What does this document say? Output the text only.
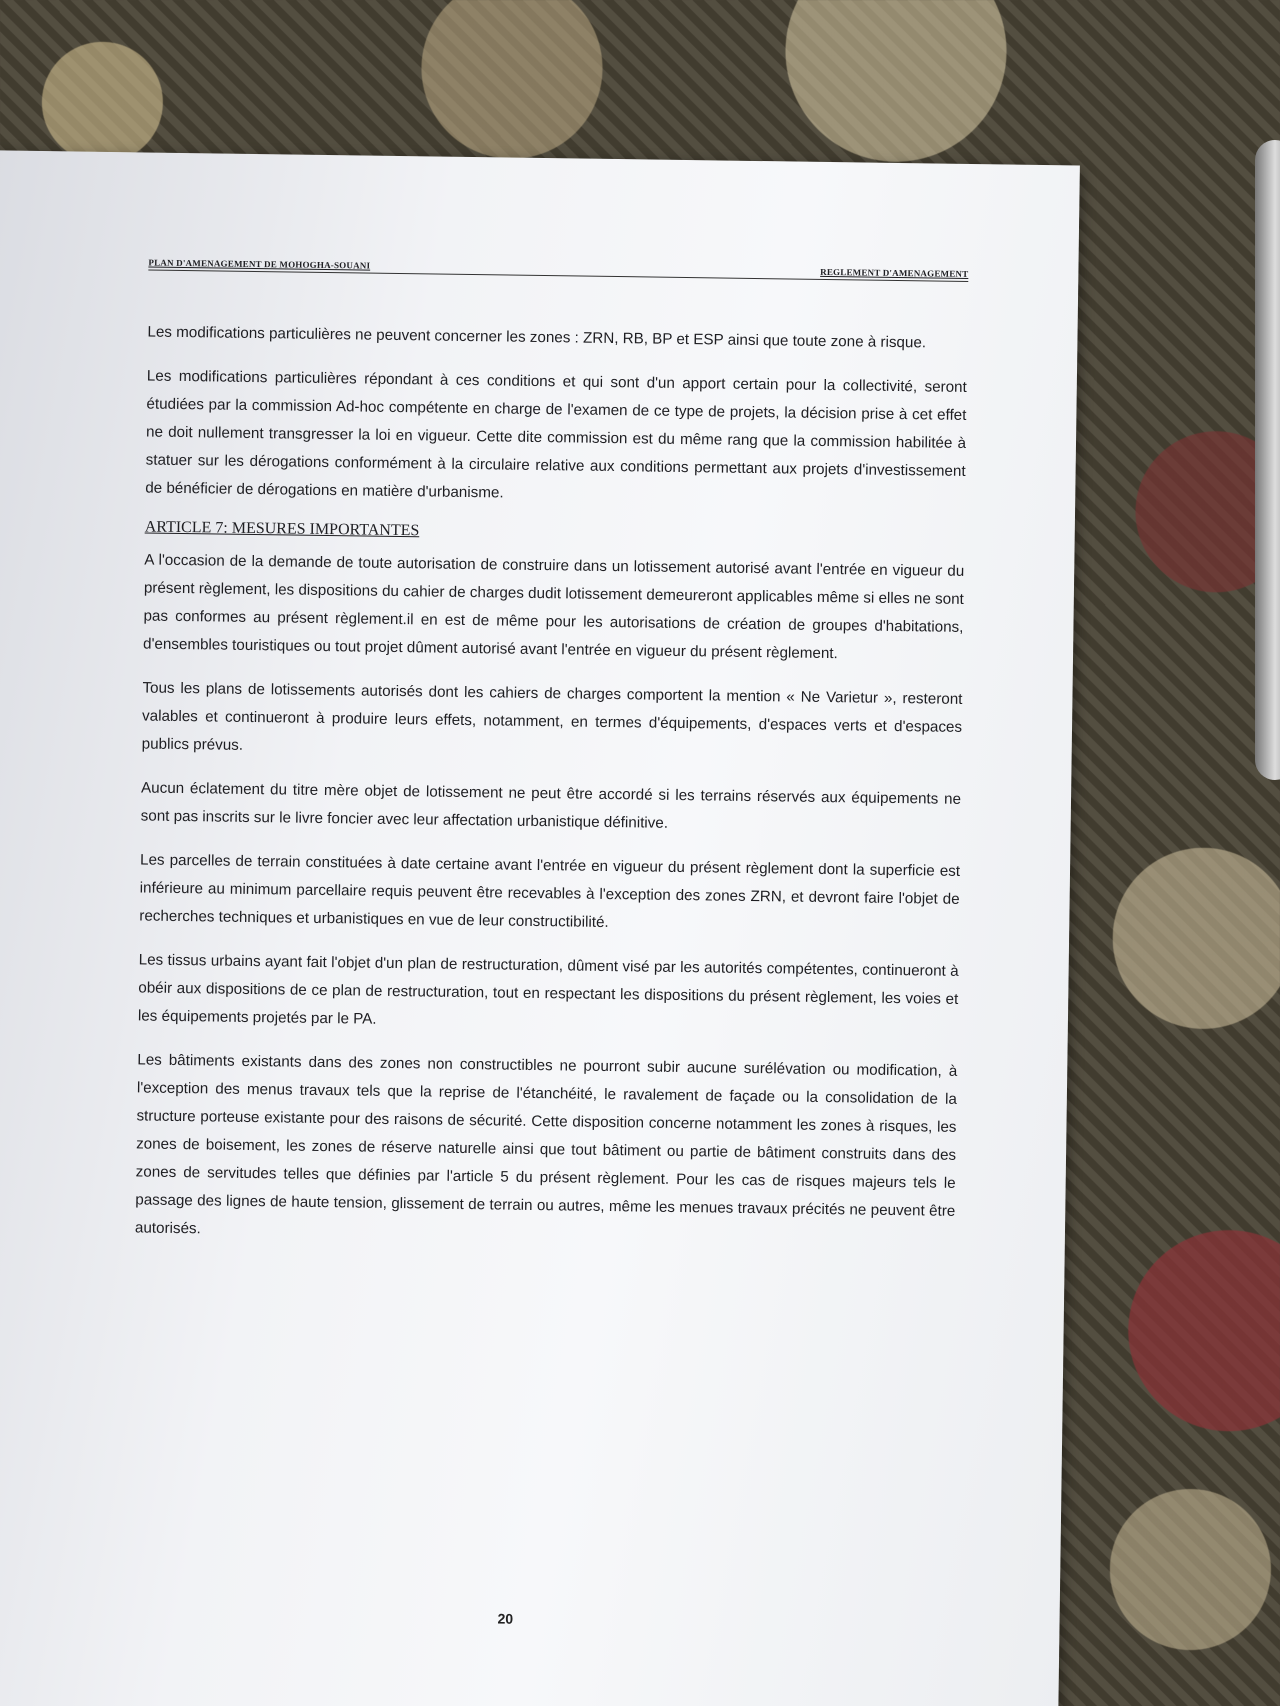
PLAN D'AMENAGEMENT DE MOHOGHA-SOUANI
REGLEMENT D'AMENAGEMENT

Les modifications particulières ne peuvent concerner les zones : ZRN, RB, BP et ESP ainsi que toute zone à risque.

Les modifications particulières répondant à ces conditions et qui sont d'un apport certain pour la collectivité, seront étudiées par la commission Ad-hoc compétente en charge de l'examen de ce type de projets, la décision prise à cet effet ne doit nullement transgresser la loi en vigueur. Cette dite commission est du même rang que la commission habilitée à statuer sur les dérogations conformément à la circulaire relative aux conditions permettant aux projets d'investissement de bénéficier de dérogations en matière d'urbanisme.

ARTICLE 7: MESURES IMPORTANTES

A l'occasion de la demande de toute autorisation de construire dans un lotissement autorisé avant l'entrée en vigueur du présent règlement, les dispositions du cahier de charges dudit lotissement demeureront applicables même si elles ne sont pas conformes au présent règlement.il en est de même pour les autorisations de création de groupes d'habitations, d'ensembles touristiques ou tout projet dûment autorisé avant l'entrée en vigueur du présent règlement.

Tous les plans de lotissements autorisés dont les cahiers de charges comportent la mention « Ne Varietur », resteront valables et continueront à produire leurs effets, notamment, en termes d'équipements, d'espaces verts et d'espaces publics prévus.

Aucun éclatement du titre mère objet de lotissement ne peut être accordé si les terrains réservés aux équipements ne sont pas inscrits sur le livre foncier avec leur affectation urbanistique définitive.

Les parcelles de terrain constituées à date certaine avant l'entrée en vigueur du présent règlement dont la superficie est inférieure au minimum parcellaire requis peuvent être recevables à l'exception des zones ZRN, et devront faire l'objet de recherches techniques et urbanistiques en vue de leur constructibilité.

Les tissus urbains ayant fait l'objet d'un plan de restructuration, dûment visé par les autorités compétentes, continueront à obéir aux dispositions de ce plan de restructuration, tout en respectant les dispositions du présent règlement, les voies et les équipements projetés par le PA.

Les bâtiments existants dans des zones non constructibles ne pourront subir aucune surélévation ou modification, à l'exception des menus travaux tels que la reprise de l'étanchéité, le ravalement de façade ou la consolidation de la structure porteuse existante pour des raisons de sécurité. Cette disposition concerne notamment les zones à risques, les zones de boisement, les zones de réserve naturelle ainsi que tout bâtiment ou partie de bâtiment construits dans des zones de servitudes telles que définies par l'article 5 du présent règlement. Pour les cas de risques majeurs tels le passage des lignes de haute tension, glissement de terrain ou autres, même les menues travaux précités ne peuvent être autorisés.

20
